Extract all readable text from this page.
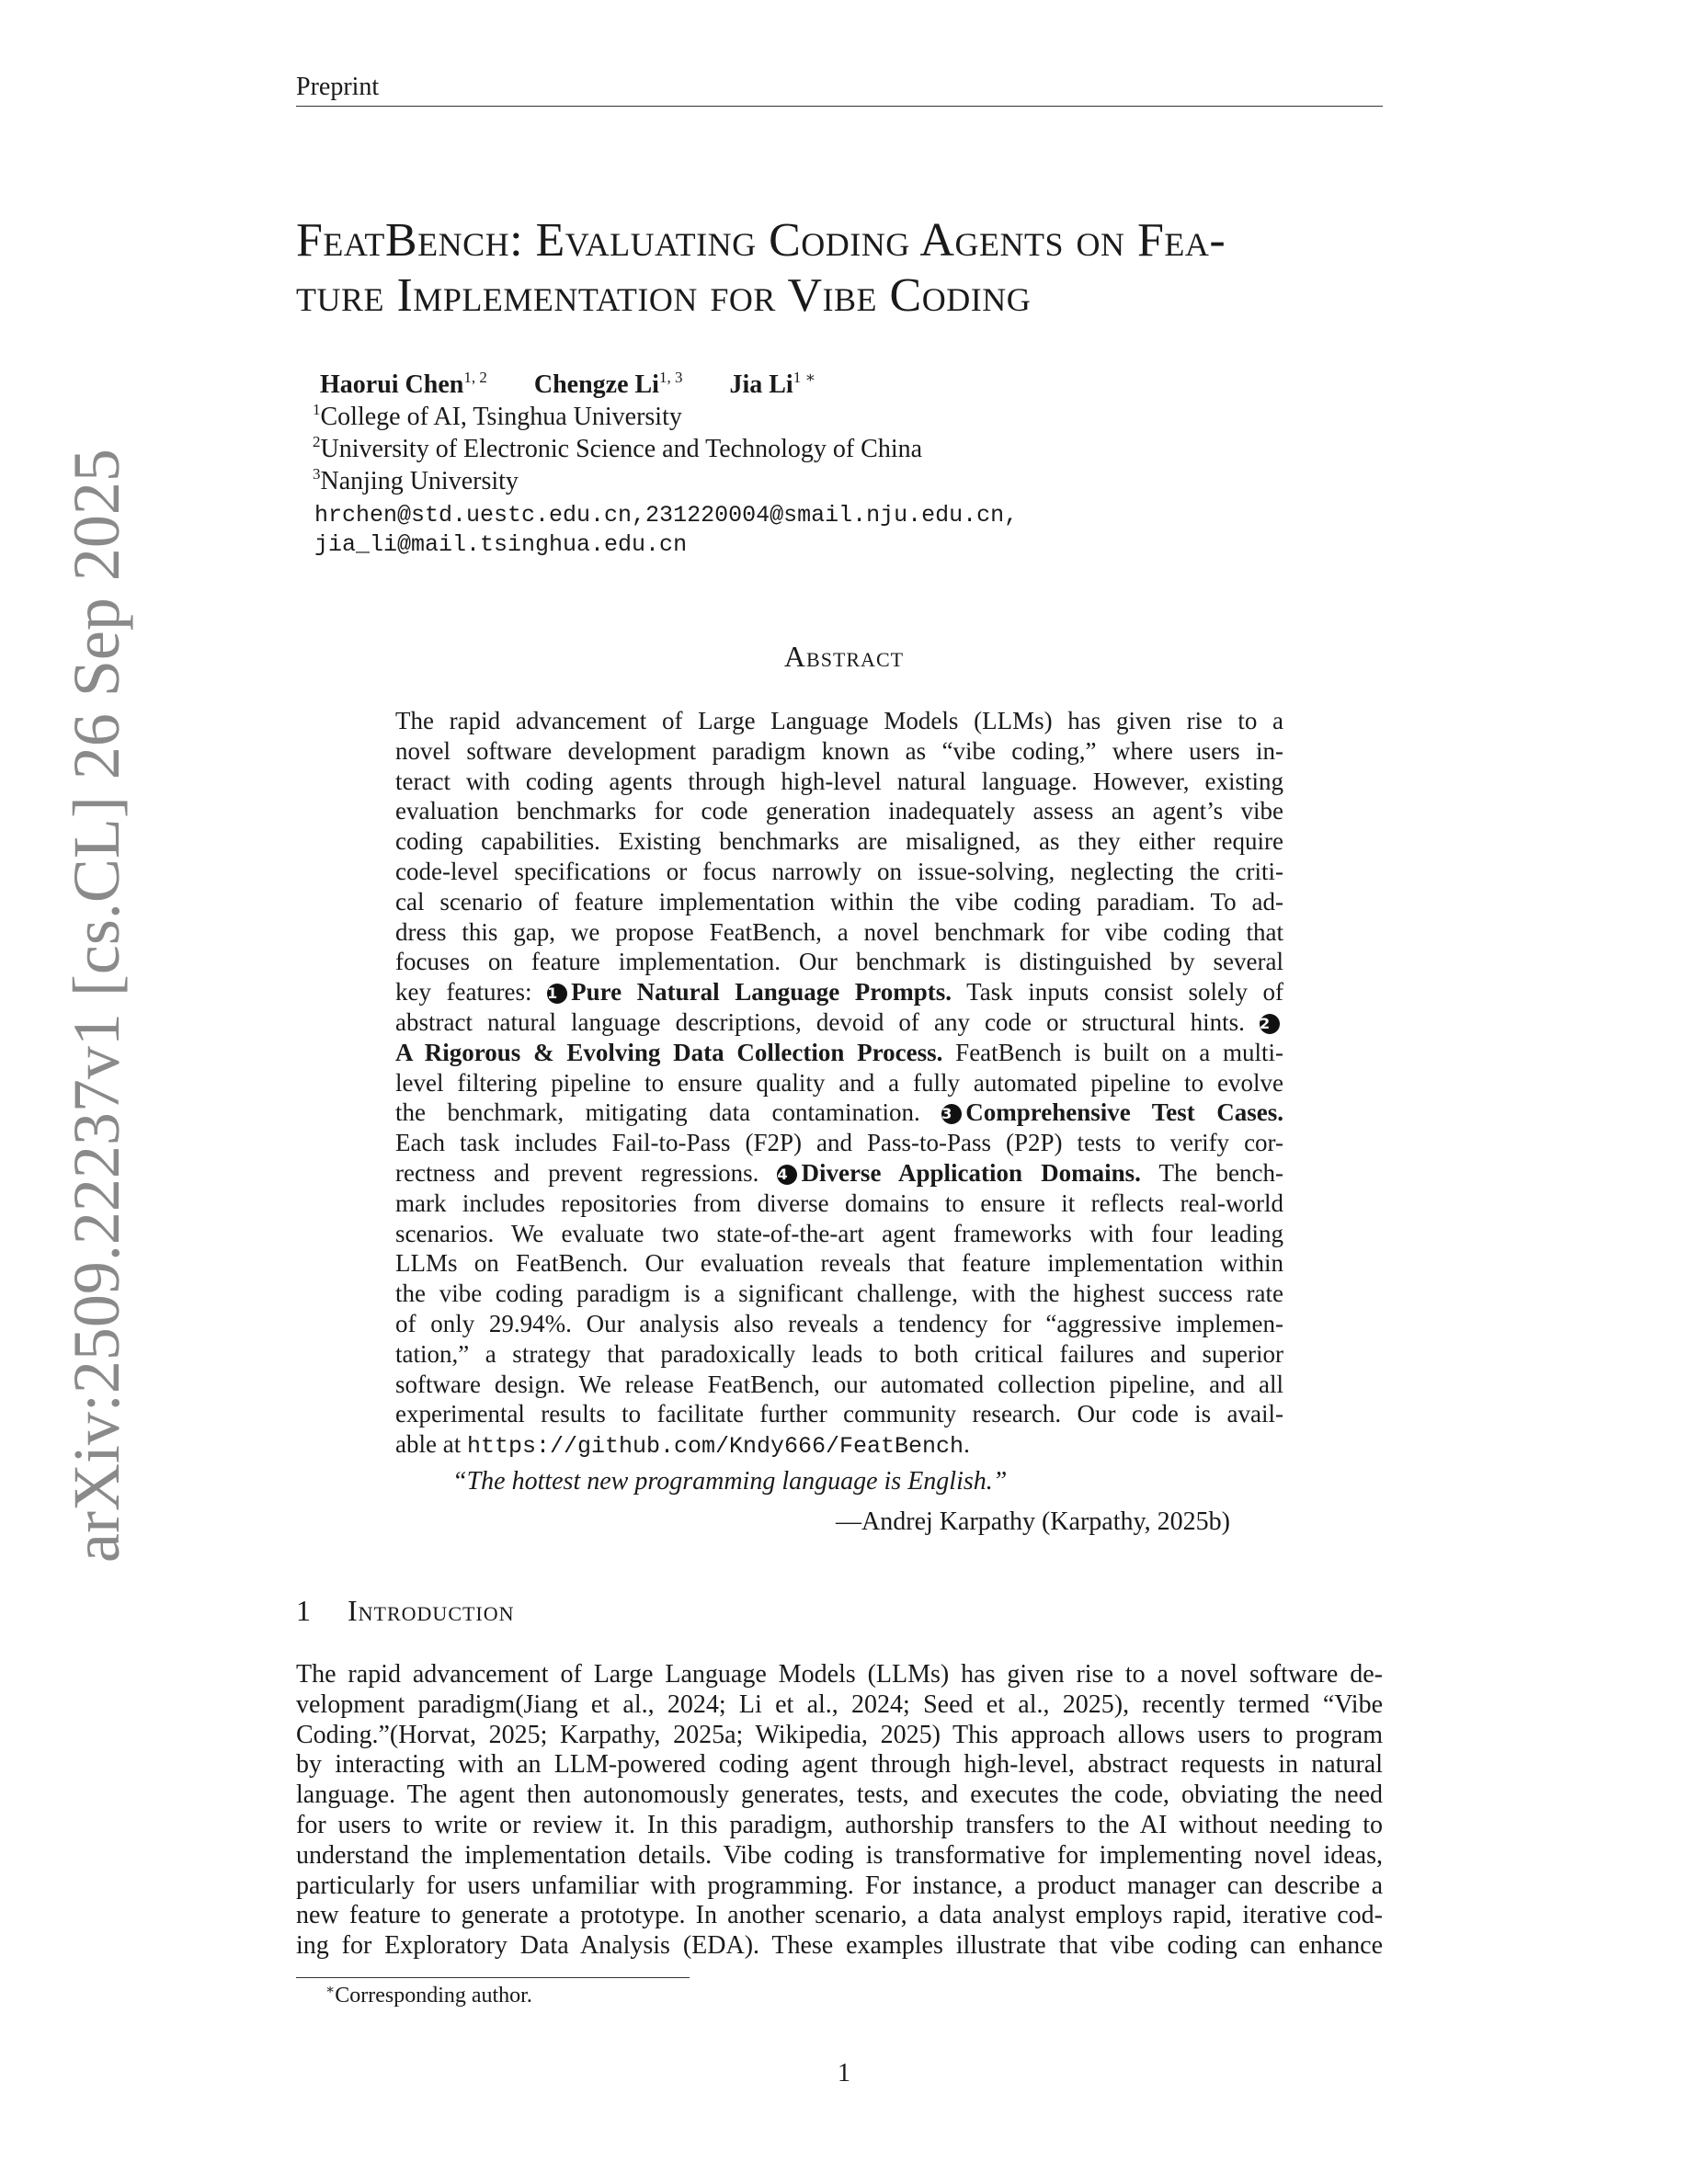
Preprint
arXiv:2509.22237v1 [cs.CL] 26 Sep 2025
FeatBench: Evaluating Coding Agents on Fea-
ture Implementation for Vibe Coding
Haorui Chen$^{1, 2}$ Chengze Li$^{1, 3}$ Jia $Li^{1 ∗}$
$^1$College of AI, Tsinghua University
$^2$University of Electronic Science and Technology of China
$^3$Nanjing University
hrchen@std.uestc.edu.cn,231220004@smail.nju.edu.cn,
jia_li@mail.tsinghua.edu.cn
Abstract
The rapid advancement of Large Language Models (LLMs) has given rise to a
novel software development paradigm known as “vibe coding,” where users in-
teract with coding agents through high-level natural language. However, existing
evaluation benchmarks for code generation inadequately assess an agent’s vibe
coding capabilities. Existing benchmarks are misaligned, as they either require
code-level specifications or focus narrowly on issue-solving, neglecting the criti-
cal scenario of feature implementation within the vibe coding paradiam. To ad-
dress this gap, we propose FeatBench, a novel benchmark for vibe coding that
focuses on feature implementation. Our benchmark is distinguished by several
key features: 1 Pure Natural Language Prompts. Task inputs consist solely of
abstract natural language descriptions, devoid of any code or structural hints. 2
A Rigorous & Evolving Data Collection Process. FeatBench is built on a multi-
level filtering pipeline to ensure quality and a fully automated pipeline to evolve
the benchmark, mitigating data contamination. 3 Comprehensive Test Cases.
Each task includes Fail-to-Pass (F2P) and Pass-to-Pass (P2P) tests to verify cor-
rectness and prevent regressions. 4 Diverse Application Domains. The bench-
mark includes repositories from diverse domains to ensure it reflects real-world
scenarios. We evaluate two state-of-the-art agent frameworks with four leading
LLMs on FeatBench. Our evaluation reveals that feature implementation within
the vibe coding paradigm is a significant challenge, with the highest success rate
of only 29.94%. Our analysis also reveals a tendency for “aggressive implemen-
tation,” a strategy that paradoxically leads to both critical failures and superior
software design. We release FeatBench, our automated collection pipeline, and all
experimental results to facilitate further community research. Our code is avail-
able at https://github.com/Kndy666/FeatBench.
“The hottest new programming language is English.”
—Andrej Karpathy (Karpathy, 2025b)
1 Introduction
The rapid advancement of Large Language Models (LLMs) has given rise to a novel software de-
velopment paradigm(Jiang et al., 2024; Li et al., 2024; Seed et al., 2025), recently termed “Vibe
Coding.”(Horvat, 2025; Karpathy, 2025a; Wikipedia, 2025) This approach allows users to program
by interacting with an LLM-powered coding agent through high-level, abstract requests in natural
language. The agent then autonomously generates, tests, and executes the code, obviating the need
for users to write or review it. In this paradigm, authorship transfers to the AI without needing to
understand the implementation details. Vibe coding is transformative for implementing novel ideas,
particularly for users unfamiliar with programming. For instance, a product manager can describe a
new feature to generate a prototype. In another scenario, a data analyst employs rapid, iterative cod-
ing for Exploratory Data Analysis (EDA). These examples illustrate that vibe coding can enhance
∗Corresponding author.
1
